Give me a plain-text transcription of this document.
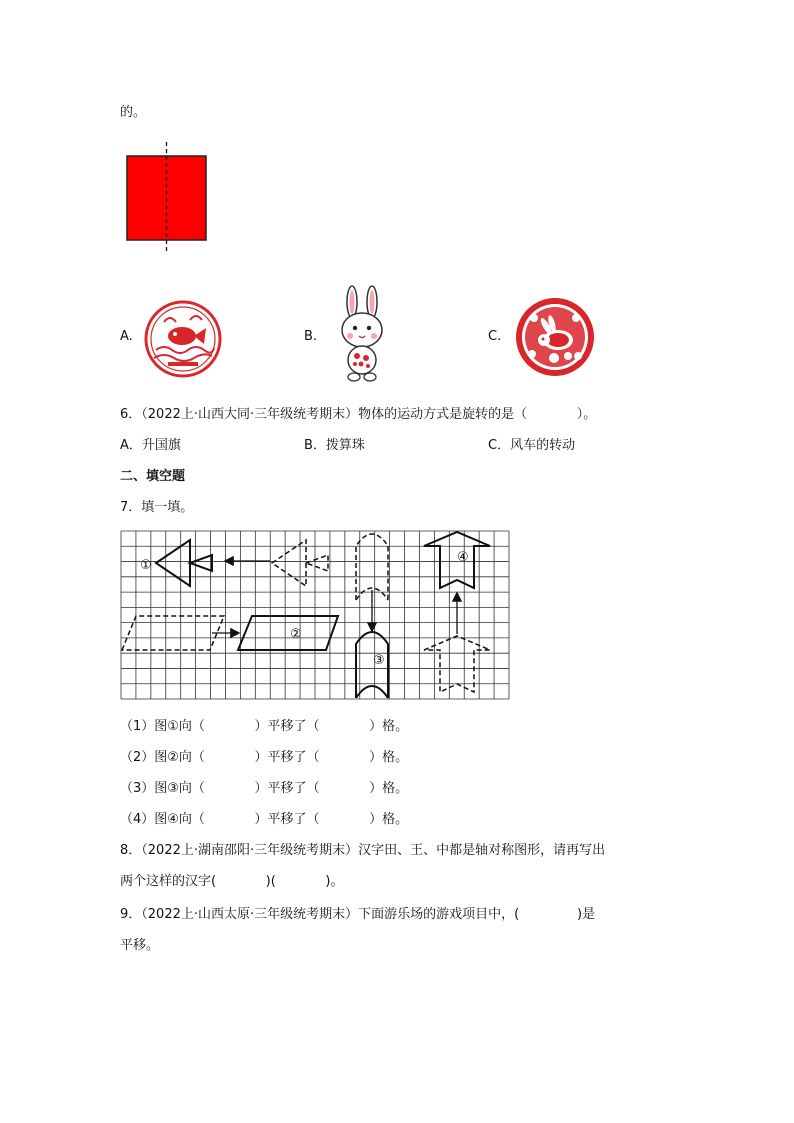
的。
A.	B.	C.
6．（2022上·山西大同·三年级统考期末）物体的运动方式是旋转的是（            ）。
A．升国旗	B．拨算珠	C．风车的转动
二、填空题
7．填一填。
①
②
③
④
（1）图①向（            ）平移了（            ）格。
（2）图②向（            ）平移了（            ）格。
（3）图③向（            ）平移了（            ）格。
（4）图④向（            ）平移了（            ）格。
8．（2022上·湖南邵阳·三年级统考期末）汉字田、王、中都是轴对称图形，请再写出
两个这样的汉字(            )(            )。
9．（2022上·山西太原·三年级统考期末）下面游乐场的游戏项目中，(              )是
平移。
